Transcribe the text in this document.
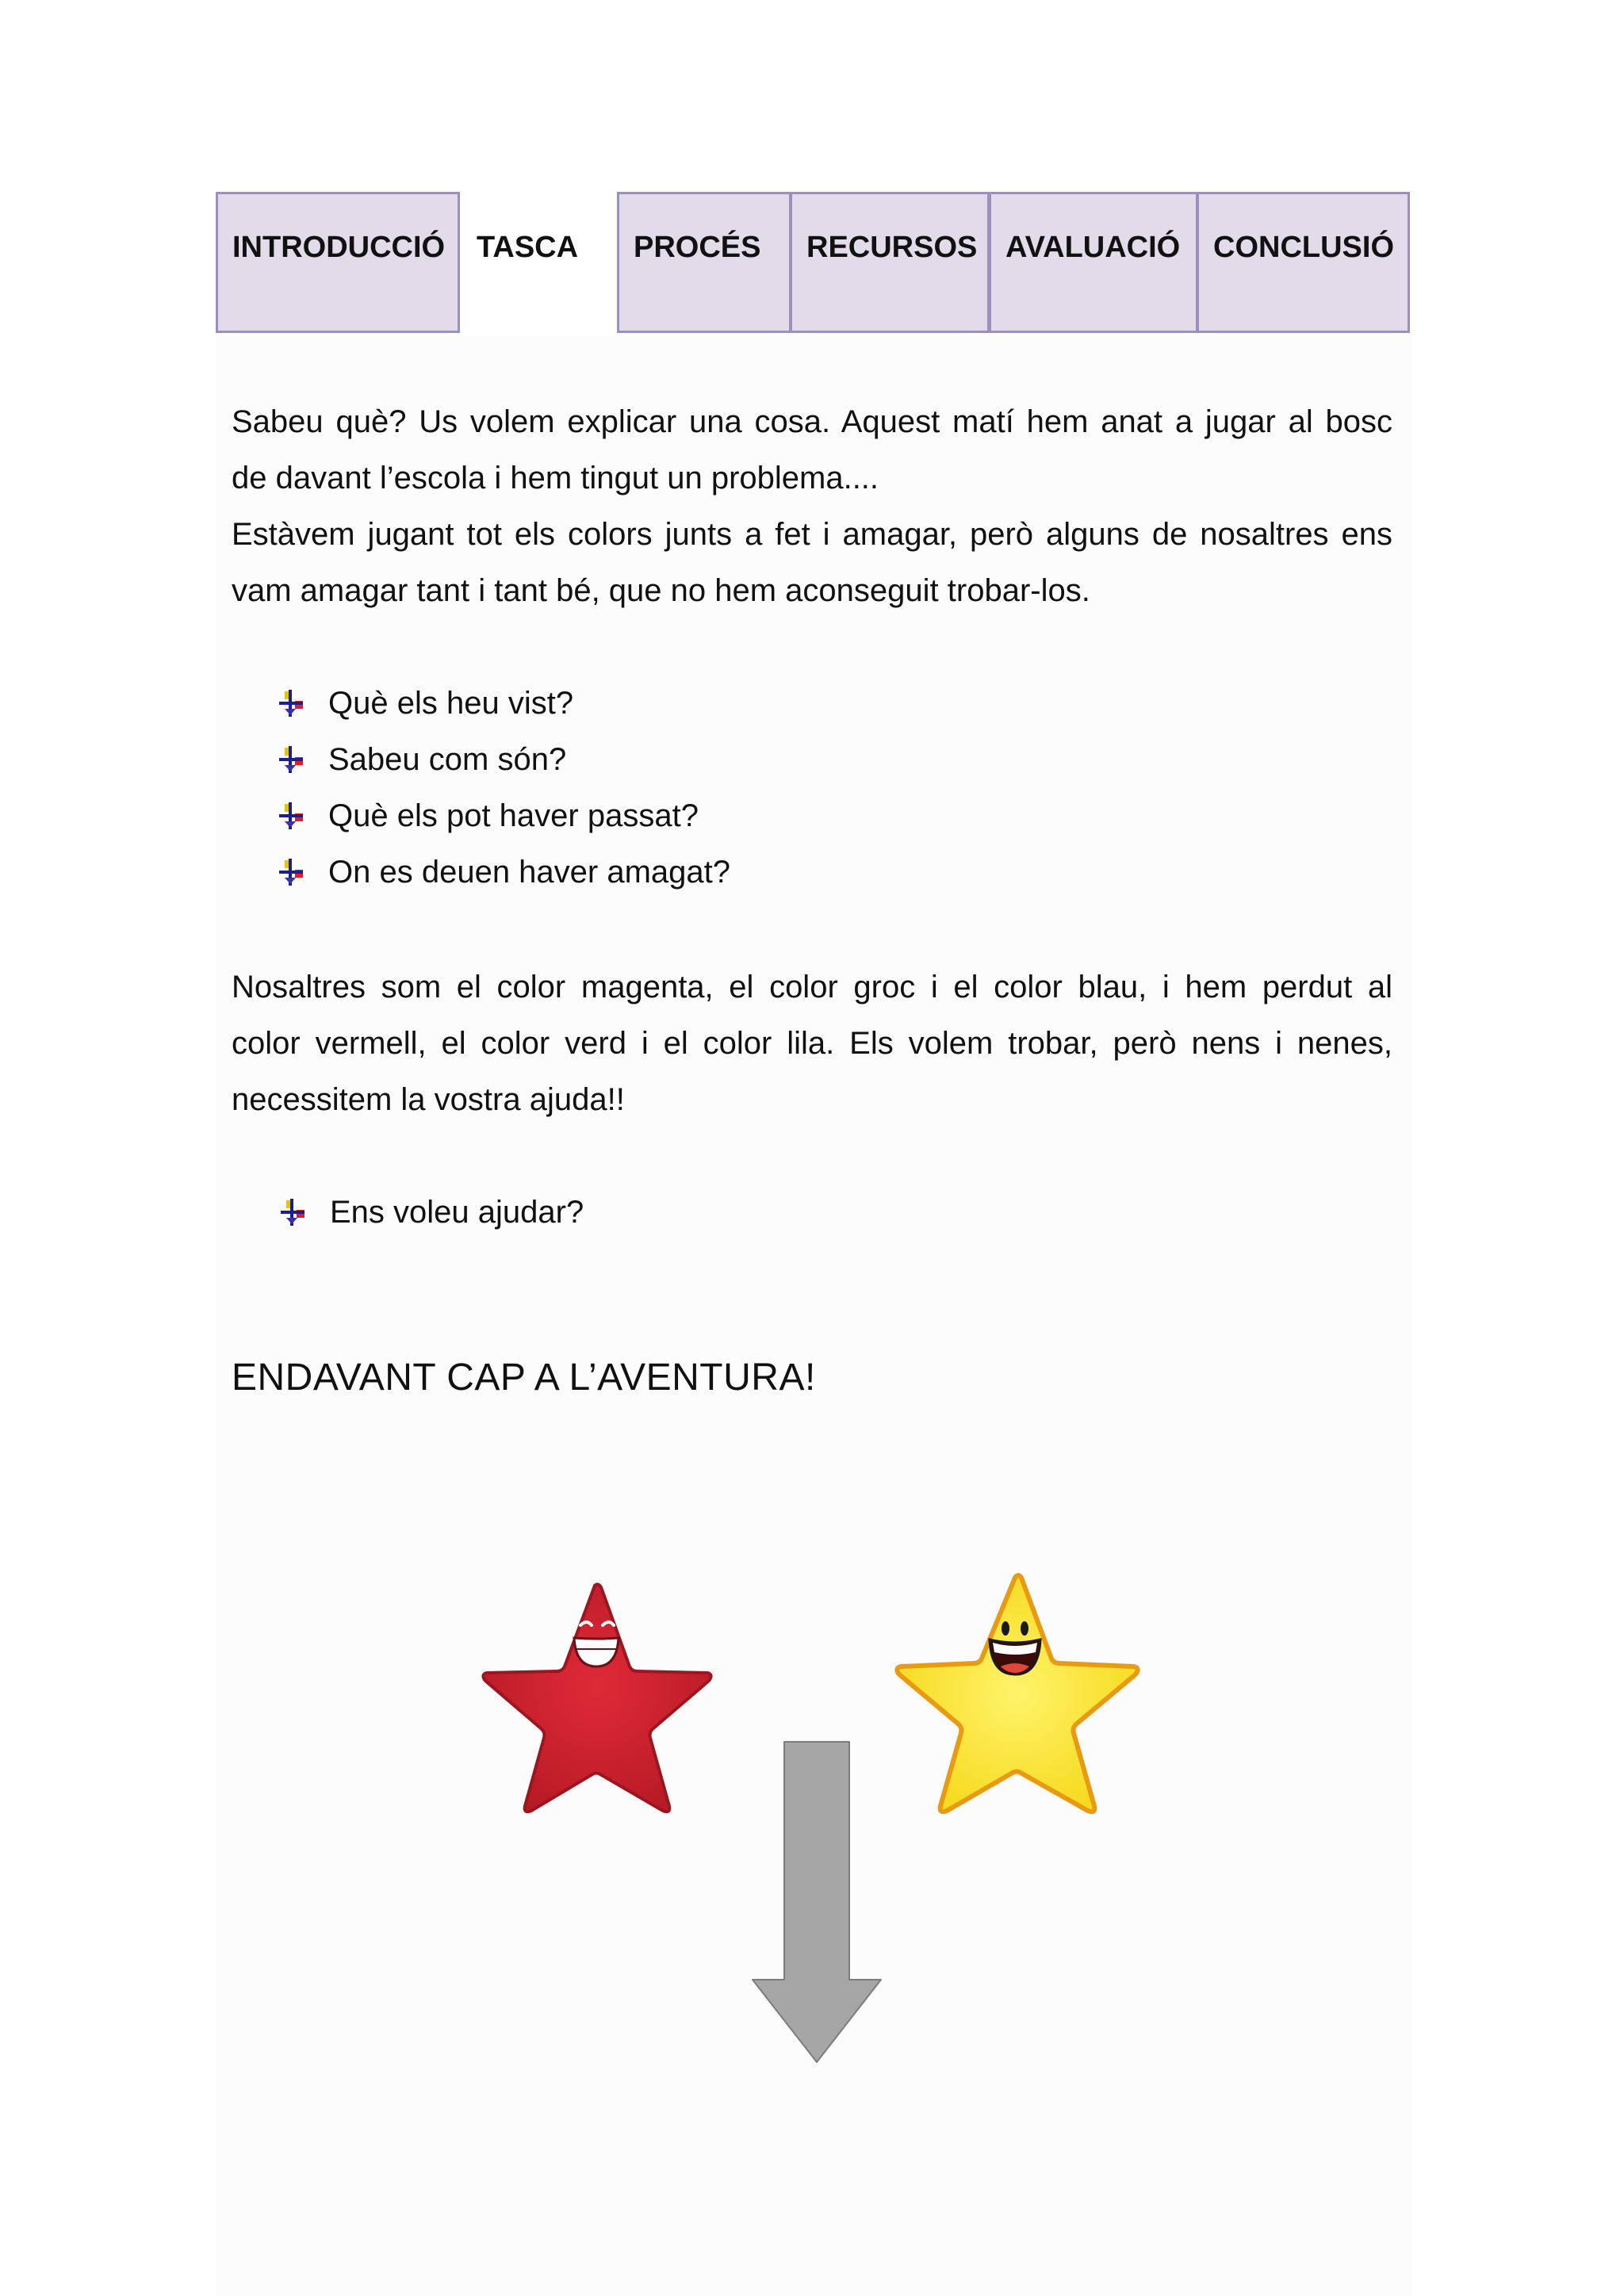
INTRODUCCIÓ	TASCA	PROCÉS	RECURSOS AVALUACIÓ	CONCLUSIÓ

Sabeu què? Us volem explicar una cosa. Aquest matí hem anat a jugar al bosc
de davant l’escola i hem tingut un problema....
Estàvem jugant tot els colors junts a fet i amagar, però alguns de nosaltres ens
vam amagar tant i tant bé, que no hem aconseguit trobar-los.

Què els heu vist?
Sabeu com són?
Què els pot haver passat?
On es deuen haver amagat?

Nosaltres som el color magenta, el color groc i el color blau, i hem perdut al
color vermell, el color verd i el color lila. Els volem trobar, però nens i nenes,
necessitem la vostra ajuda!!

Ens voleu ajudar?
ENDAVANT CAP A L’AVENTURA!
